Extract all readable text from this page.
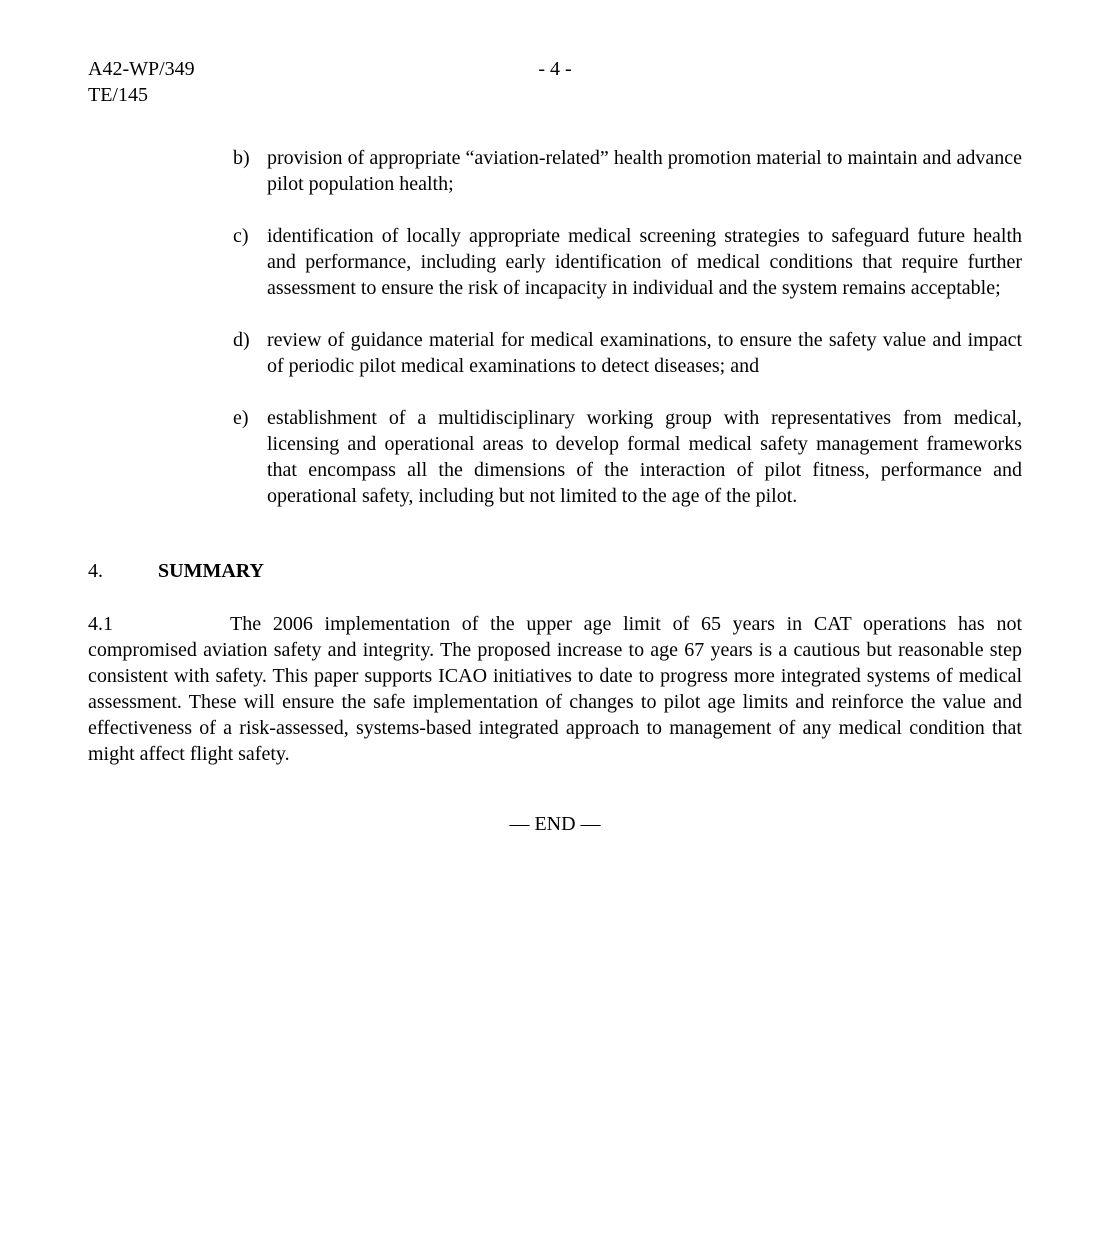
- 4 -
A42-WP/349
TE/145
b) provision of appropriate “aviation-related” health promotion material to maintain and advance pilot population health;
c) identification of locally appropriate medical screening strategies to safeguard future health and performance, including early identification of medical conditions that require further assessment to ensure the risk of incapacity in individual and the system remains acceptable;
d) review of guidance material for medical examinations, to ensure the safety value and impact of periodic pilot medical examinations to detect diseases; and
e) establishment of a multidisciplinary working group with representatives from medical, licensing and operational areas to develop formal medical safety management frameworks that encompass all the dimensions of the interaction of pilot fitness, performance and operational safety, including but not limited to the age of the pilot.
4.	SUMMARY
4.1	The 2006 implementation of the upper age limit of 65 years in CAT operations has not compromised aviation safety and integrity. The proposed increase to age 67 years is a cautious but reasonable step consistent with safety. This paper supports ICAO initiatives to date to progress more integrated systems of medical assessment. These will ensure the safe implementation of changes to pilot age limits and reinforce the value and effectiveness of a risk-assessed, systems-based integrated approach to management of any medical condition that might affect flight safety.
— END —
